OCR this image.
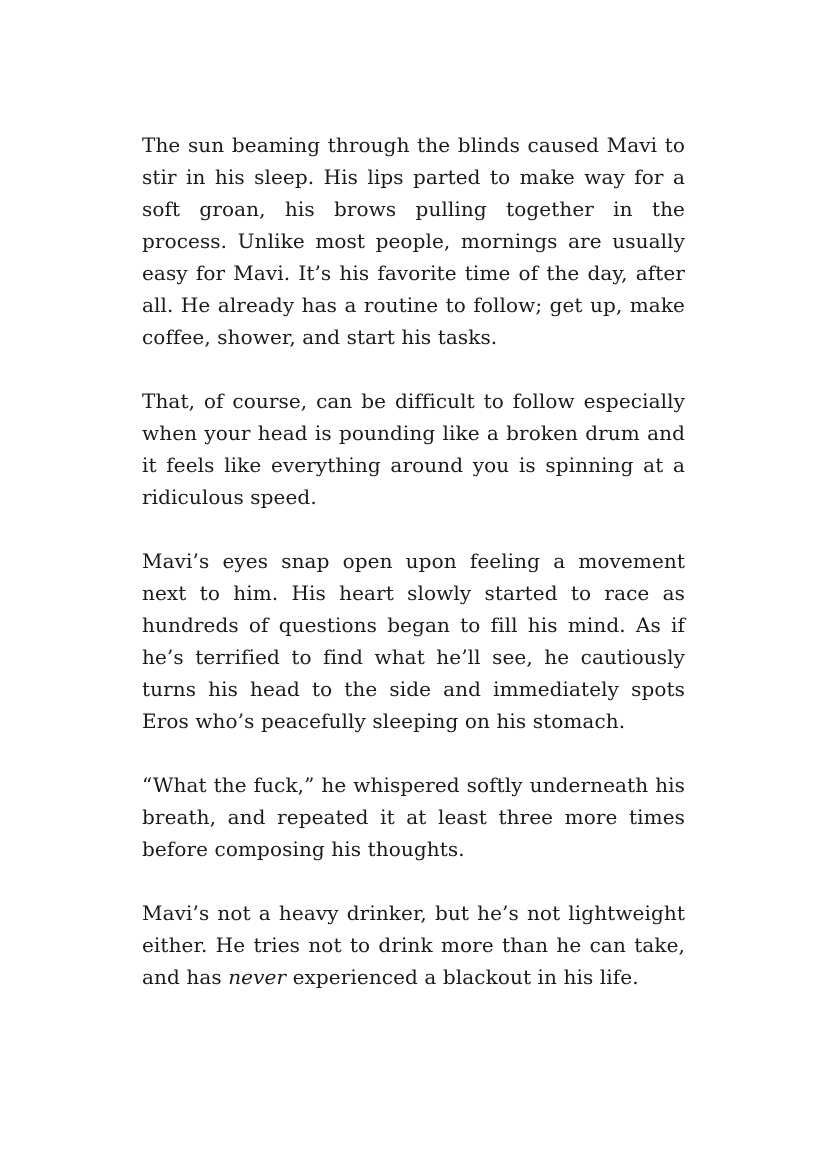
The sun beaming through the blinds caused Mavi to stir in his sleep. His lips parted to make way for a soft groan, his brows pulling together in the process. Unlike most people, mornings are usually easy for Mavi. It’s his favorite time of the day, after all. He already has a routine to follow; get up, make coffee, shower, and start his tasks.

That, of course, can be difficult to follow especially when your head is pounding like a broken drum and it feels like everything around you is spinning at a ridiculous speed.

Mavi’s eyes snap open upon feeling a movement next to him. His heart slowly started to race as hundreds of questions began to fill his mind. As if he’s terrified to find what he’ll see, he cautiously turns his head to the side and immediately spots Eros who’s peacefully sleeping on his stomach.

“What the fuck,” he whispered softly underneath his breath, and repeated it at least three more times before composing his thoughts.

Mavi’s not a heavy drinker, but he’s not lightweight either. He tries not to drink more than he can take, and has never experienced a blackout in his life.
